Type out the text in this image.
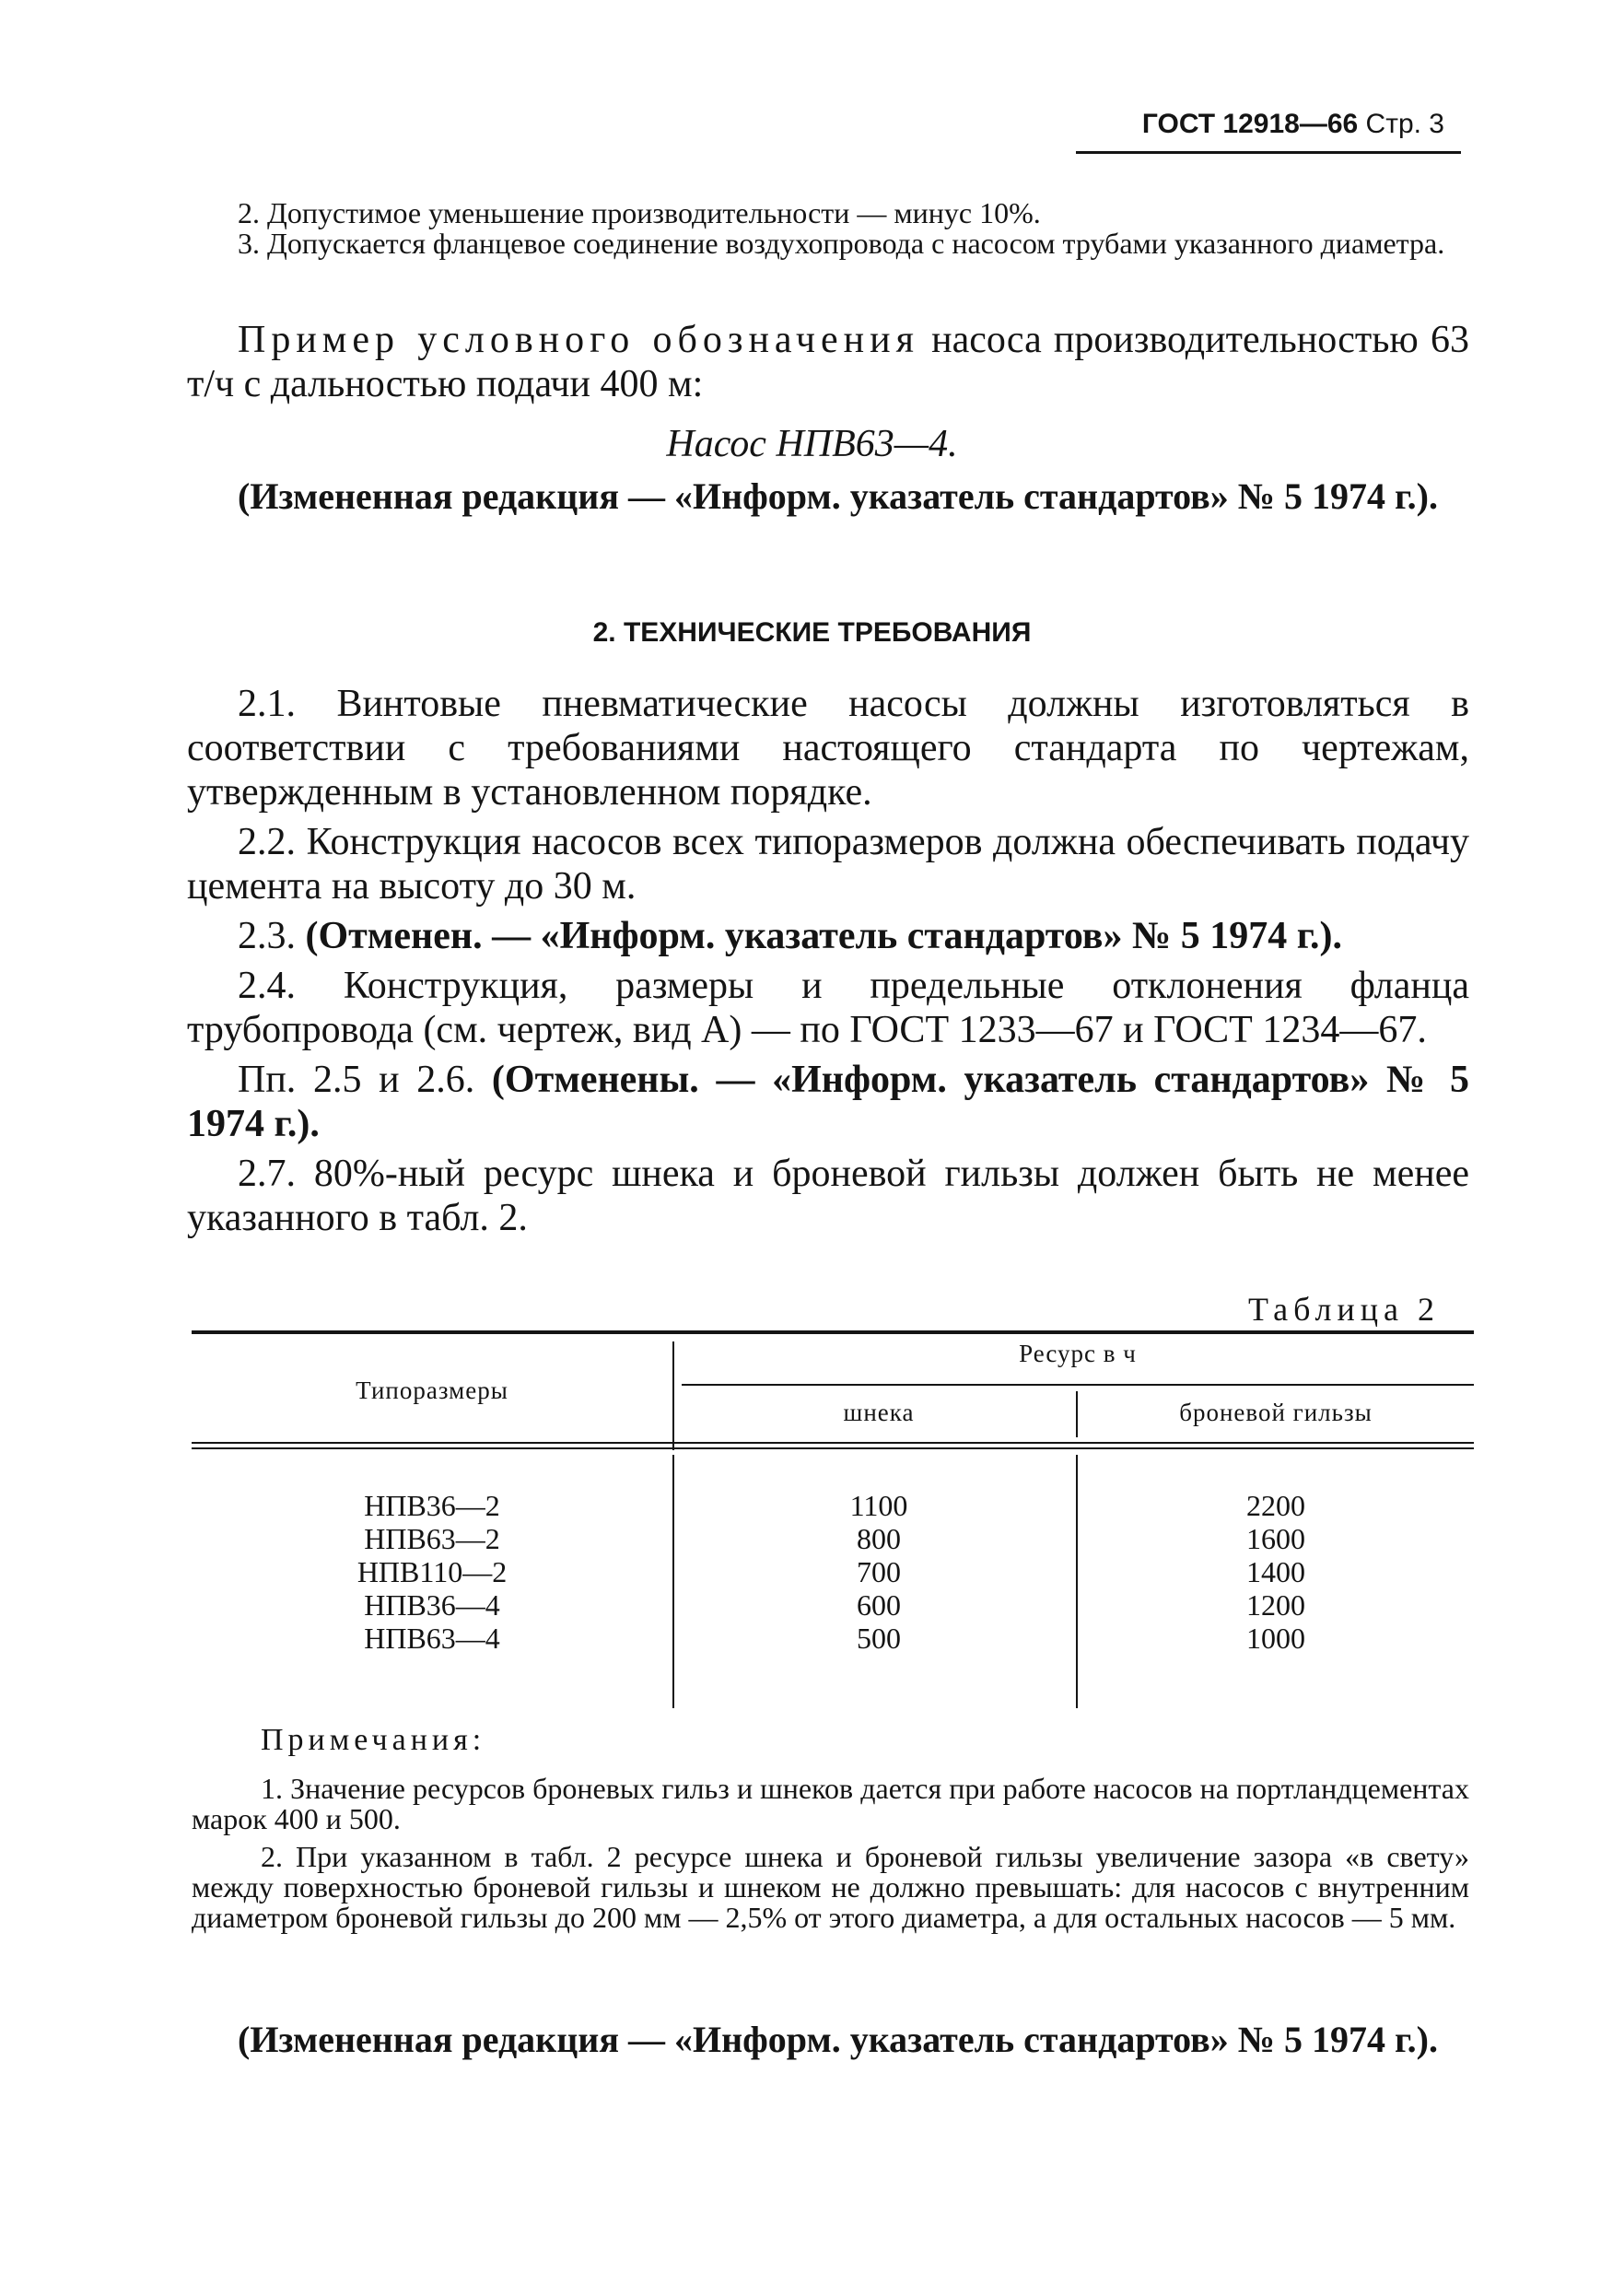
ГОСТ 12918—66 Стр. 3

2. Допустимое уменьшение производительности — минус 10%.

3. Допускается фланцевое соединение воздухопровода с насосом трубами указанного диаметра.

Пример условного обозначения насоса производительностью 63 т/ч с дальностью подачи 400 м:
Насос НПВ63—4.

(Измененная редакция — «Информ. указатель стандартов» № 5 1974 г.).

2. ТЕХНИЧЕСКИЕ ТРЕБОВАНИЯ

2.1. Винтовые пневматические насосы должны изготовляться в соответствии с требованиями настоящего стандарта по чертежам, утвержденным в установленном порядке.

2.2. Конструкция насосов всех типоразмеров должна обеспечивать подачу цемента на высоту до 30 м.

2.3. (Отменен. — «Информ. указатель стандартов» № 5 1974 г.).

2.4. Конструкция, размеры и предельные отклонения фланца трубопровода (см. чертеж, вид А) — по ГОСТ 1233—67 и ГОСТ 1234—67.

Пп. 2.5 и 2.6. (Отменены. — «Информ. указатель стандартов» № 5 1974 г.).

2.7. 80%-ный ресурс шнека и броневой гильзы должен быть не менее указанного в табл. 2.

Таблица 2
Типоразмеры
Ресурс в ч
шнека	броневой гильзы
НПВ36—2
НПВ63—2
НПВ110—2
НПВ36—4
НПВ63—4
1100
800
700
600
500
2200
1600
1400
1200
1000
Примечания:

1. Значение ресурсов броневых гильз и шнеков дается при работе насосов на портландцементах марок 400 и 500.

2. При указанном в табл. 2 ресурсе шнека и броневой гильзы увеличение зазора «в свету» между поверхностью броневой гильзы и шнеком не должно превышать: для насосов с внутренним диаметром броневой гильзы до 200 мм — 2,5% от этого диаметра, а для остальных насосов — 5 мм.

(Измененная редакция — «Информ. указатель стандартов» № 5 1974 г.).
